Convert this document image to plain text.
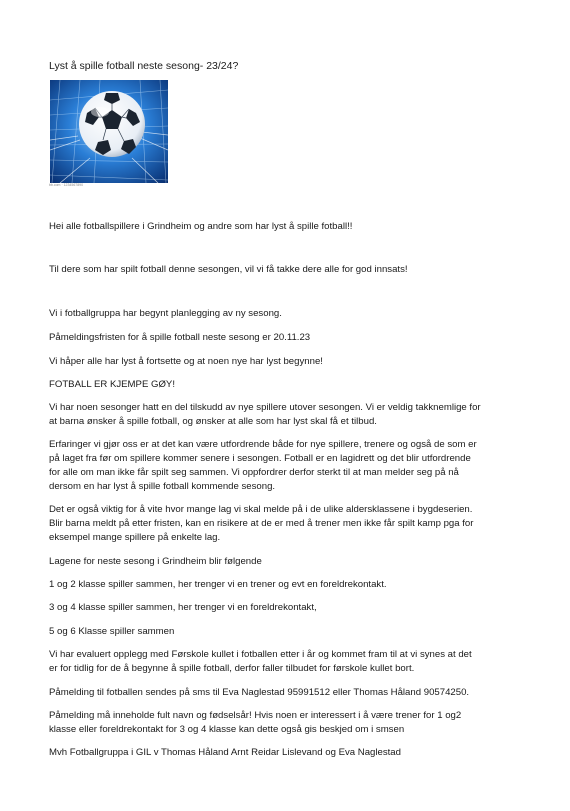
Lyst å spille fotball neste sesong- 23/24?
bb.com · 1234567890
Hei alle fotballspillere i Grindheim og andre som har lyst å spille fotball!!
Til dere som har spilt fotball denne sesongen, vil vi få takke dere alle for god innsats!
Vi i fotballgruppa har begynt planlegging av ny sesong.
Påmeldingsfristen for å spille fotball neste sesong er 20.11.23
Vi håper alle har lyst å fortsette og at noen nye har lyst begynne!
FOTBALL ER KJEMPE GØY!
Vi har noen sesonger hatt en del tilskudd av nye spillere utover sesongen. Vi er veldig takknemlige for
at barna ønsker å spille fotball, og ønsker at alle som har lyst skal få et tilbud.
Erfaringer vi gjør oss er at det kan være utfordrende både for nye spillere, trenere og også de som er
på laget fra før om spillere kommer senere i sesongen. Fotball er en lagidrett og det blir utfordrende
for alle om man ikke får spilt seg sammen. Vi oppfordrer derfor sterkt til at man melder seg på nå
dersom en har lyst å spille fotball kommende sesong.
Det er også viktig for å vite hvor mange lag vi skal melde på i de ulike aldersklassene i bygdeserien.
Blir barna meldt på etter fristen, kan en risikere at de er med å trener men ikke får spilt kamp pga for
eksempel mange spillere på enkelte lag.
Lagene for neste sesong i Grindheim blir følgende
1 og 2 klasse spiller sammen, her trenger vi en trener og evt en foreldrekontakt.
3 og 4 klasse spiller sammen, her trenger vi en foreldrekontakt,
5 og 6 Klasse spiller sammen
Vi har evaluert opplegg med Førskole kullet i fotballen etter i år og kommet fram til at vi synes at det
er for tidlig for de å begynne å spille fotball, derfor faller tilbudet for førskole kullet bort.
Påmelding til fotballen sendes på sms til Eva Naglestad 95991512 eller Thomas Håland 90574250.
Påmelding må inneholde fult navn og fødselsår! Hvis noen er interessert i å være trener for 1 og2
klasse eller foreldrekontakt for 3 og 4 klasse kan dette også gis beskjed om i smsen
Mvh Fotballgruppa i GIL v Thomas Håland Arnt Reidar Lislevand og Eva Naglestad
